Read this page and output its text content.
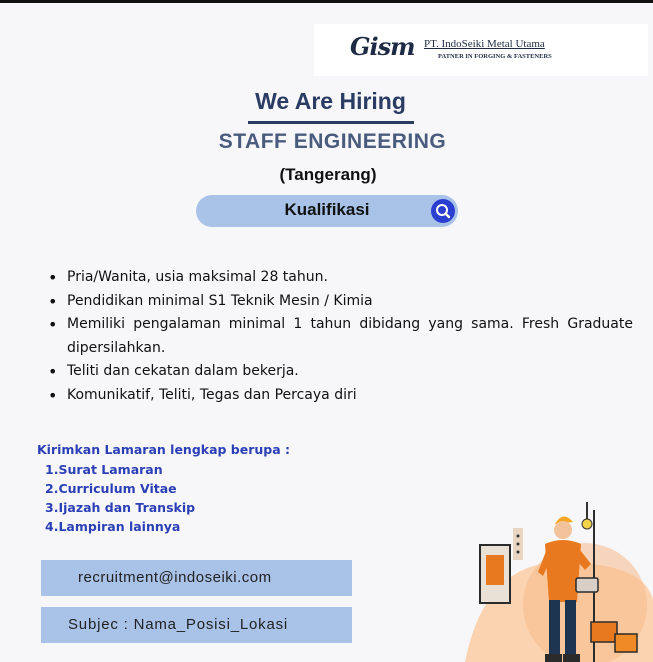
Gism PT. IndoSeiki Metal Utama
PATNER IN FORGING & FASTENERS
We Are Hiring
STAFF ENGINEERING
(Tangerang)
Kualifikasi
• Pria/Wanita, usia maksimal 28 tahun.
• Pendidikan minimal S1 Teknik Mesin / Kimia
• Memiliki pengalaman minimal 1 tahun dibidang yang sama. Fresh Graduate dipersilahkan.
• Teliti dan cekatan dalam bekerja.
• Komunikatif, Teliti, Tegas dan Percaya diri
Kirimkan Lamaran lengkap berupa :
1.Surat Lamaran
2.Curriculum Vitae
3.Ijazah dan Transkip
4.Lampiran lainnya
recruitment@indoseiki.com
Subjec : Nama_Posisi_Lokasi
